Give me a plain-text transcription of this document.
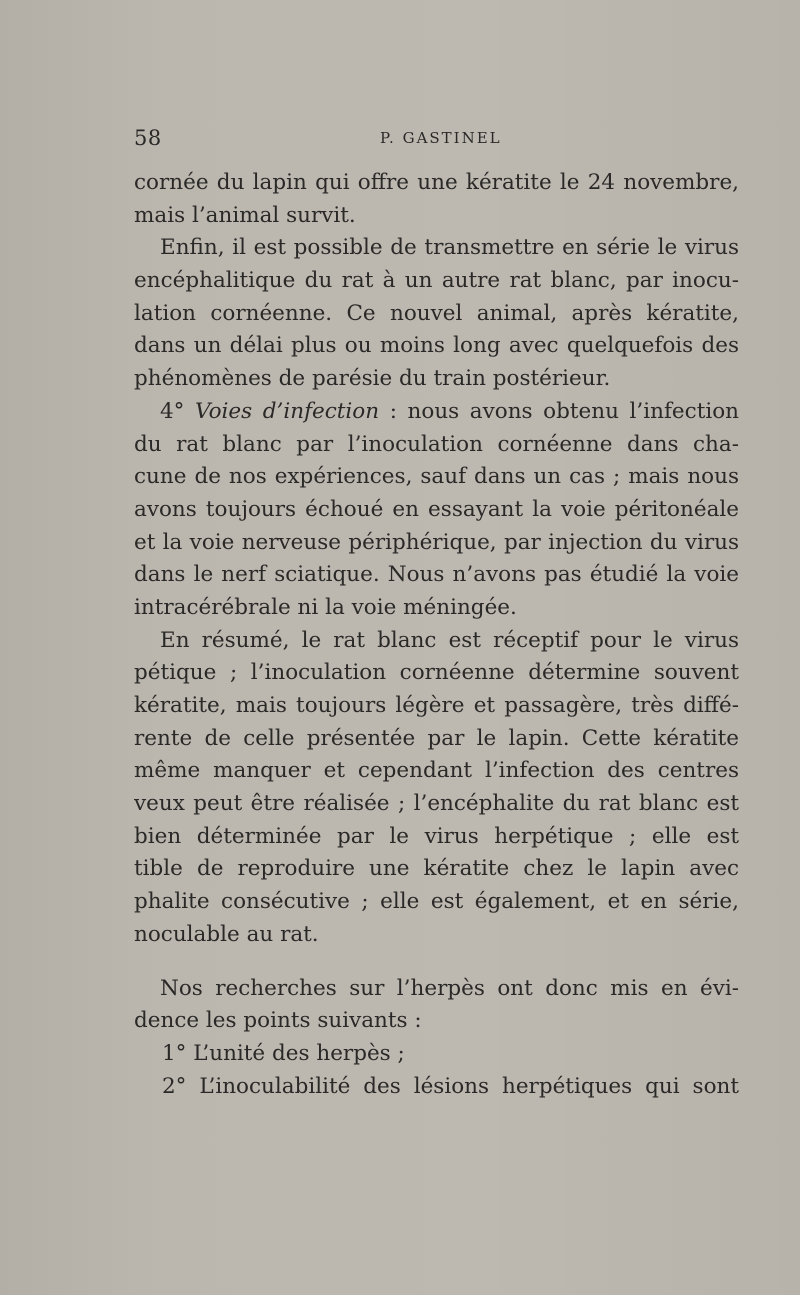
58	P. GASTINEL
cornée du lapin qui offre une kératite le 24 novembre,
mais l’animal survit.
Enfin, il est possible de transmettre en série le virus
encéphalitique du rat à un autre rat blanc, par inocu-
lation cornéenne. Ce nouvel animal, après kératite,
dans un délai plus ou moins long avec quelquefois des
phénomènes de parésie du train postérieur.
4° Voies d’infection : nous avons obtenu l’infection
du rat blanc par l’inoculation cornéenne dans cha-
cune de nos expériences, sauf dans un cas ; mais nous
avons toujours échoué en essayant la voie péritonéale
et la voie nerveuse périphérique, par injection du virus
dans le nerf sciatique. Nous n’avons pas étudié la voie
intracérébrale ni la voie méningée.
En résumé, le rat blanc est réceptif pour le virus
pétique ; l’inoculation cornéenne détermine souvent
kératite, mais toujours légère et passagère, très diffé-
rente de celle présentée par le lapin. Cette kératite
même manquer et cependant l’infection des centres
veux peut être réalisée ; l’encéphalite du rat blanc est
bien déterminée par le virus herpétique ; elle est
tible de reproduire une kératite chez le lapin avec
phalite consécutive ; elle est également, et en série,
noculable au rat.
Nos recherches sur l’herpès ont donc mis en évi-
dence les points suivants :
1° L’unité des herpès ;
2° L’inoculabilité des lésions herpétiques qui sont
